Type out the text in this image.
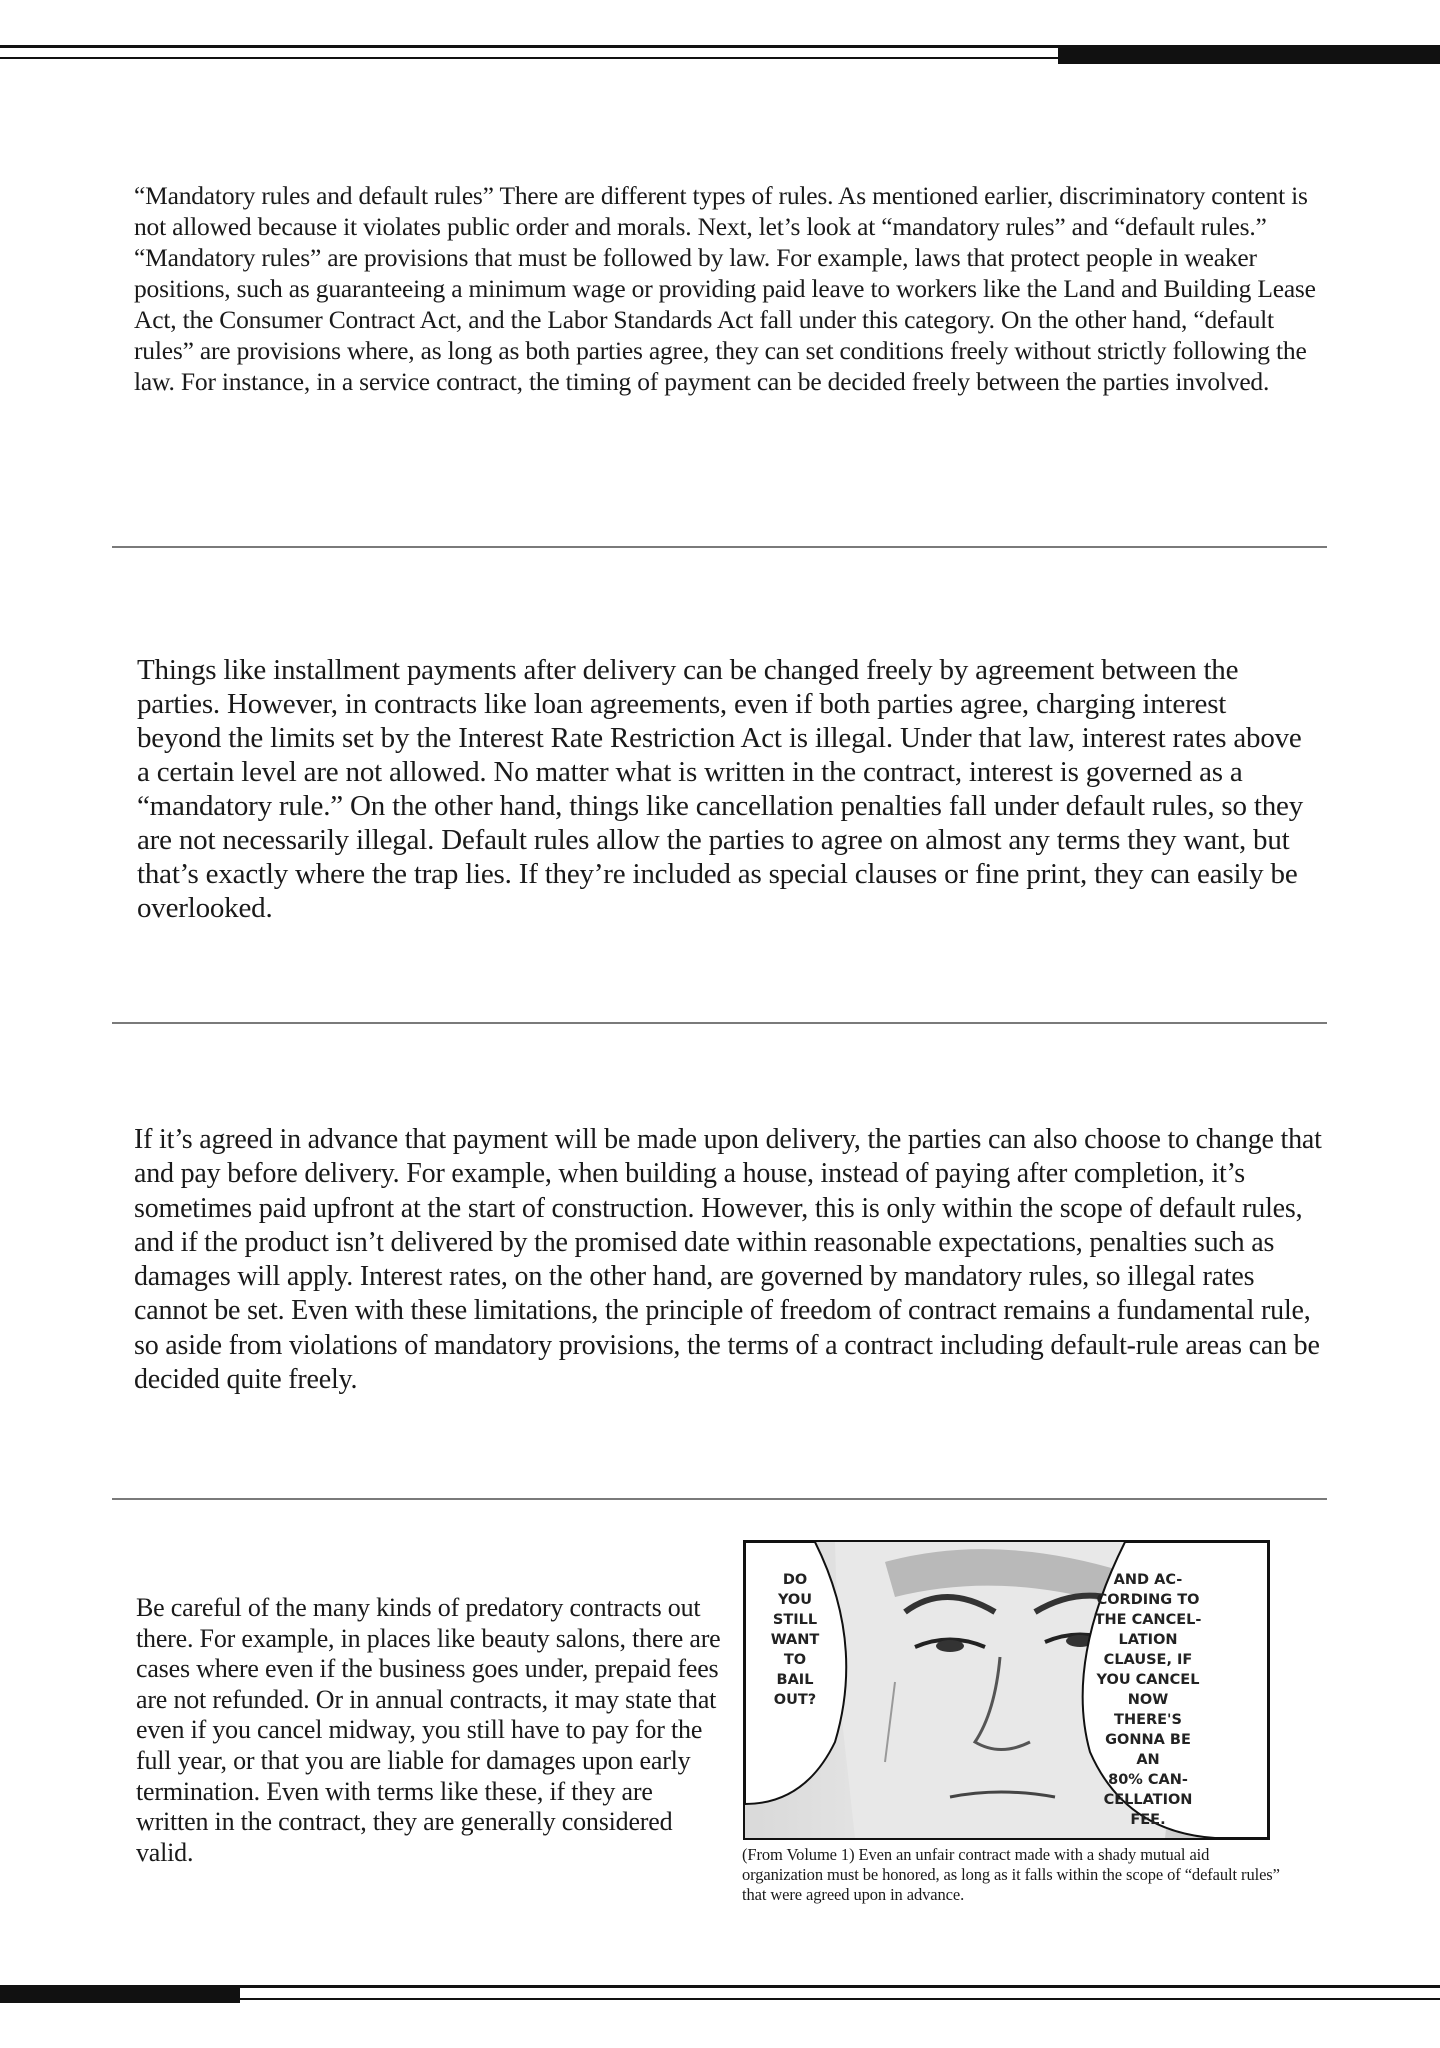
“Mandatory rules and default rules” There are different types of rules. As mentioned earlier, discriminatory content is not allowed because it violates public order and morals. Next, let’s look at “mandatory rules” and “default rules.” “Mandatory rules” are provisions that must be followed by law. For example, laws that protect people in weaker positions, such as guaranteeing a minimum wage or providing paid leave to workers like the Land and Building Lease Act, the Consumer Contract Act, and the Labor Standards Act fall under this category. On the other hand, “default rules” are provisions where, as long as both parties agree, they can set conditions freely without strictly following the law. For instance, in a service contract, the timing of payment can be decided freely between the parties involved.

Things like installment payments after delivery can be changed freely by agreement between the parties. However, in contracts like loan agreements, even if both parties agree, charging interest beyond the limits set by the Interest Rate Restriction Act is illegal. Under that law, interest rates above a certain level are not allowed. No matter what is written in the contract, interest is governed as a “mandatory rule.” On the other hand, things like cancellation penalties fall under default rules, so they are not necessarily illegal. Default rules allow the parties to agree on almost any terms they want, but that’s exactly where the trap lies. If they’re included as special clauses or fine print, they can easily be overlooked.

If it’s agreed in advance that payment will be made upon delivery, the parties can also choose to change that and pay before delivery. For example, when building a house, instead of paying after completion, it’s sometimes paid upfront at the start of construction. However, this is only within the scope of default rules, and if the product isn’t delivered by the promised date within reasonable expectations, penalties such as damages will apply. Interest rates, on the other hand, are governed by mandatory rules, so illegal rates cannot be set. Even with these limitations, the principle of freedom of contract remains a fundamental rule, so aside from violations of mandatory provisions, the terms of a contract including default-rule areas can be decided quite freely.

Be careful of the many kinds of predatory contracts out there. For example, in places like beauty salons, there are cases where even if the business goes under, prepaid fees are not refunded. Or in annual contracts, it may state that even if you cancel midway, you still have to pay for the full year, or that you are liable for damages upon early termination. Even with terms like these, if they are written in the contract, they are generally considered valid.

DO
YOU
STILL
WANT
TO
BAIL
OUT?

AND AC-
CORDING TO
THE CANCEL-
LATION
CLAUSE, IF
YOU CANCEL
NOW THERE'S
GONNA BE AN
80% CAN-
CELLATION
FEE.

(From Volume 1) Even an unfair contract made with a shady mutual aid organization must be honored, as long as it falls within the scope of “default rules” that were agreed upon in advance.
